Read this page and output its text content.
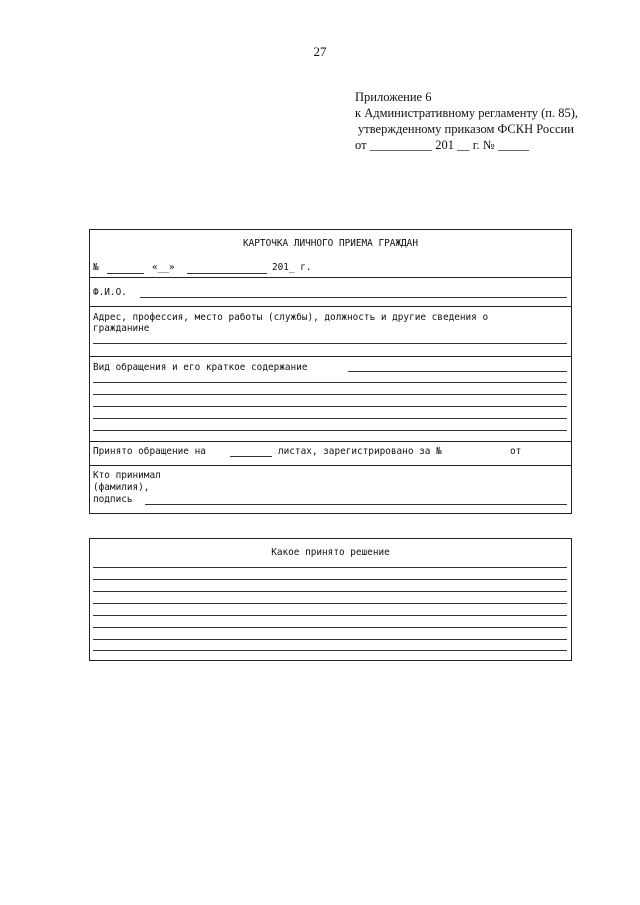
27
Приложение 6
к Административному регламенту (п. 85),
утвержденному приказом ФСКН России
от __________ 201 __ г. № _____
КАРТОЧКА ЛИЧНОГО ПРИЕМА ГРАЖДАН
№	«__»	201_ г.
Ф.И.О.
Адрес, профессия, место работы (службы), должность и другие сведения о
гражданине
Вид обращения и его краткое содержание
Принято обращение на	листах, зарегистрировано за №	от
Кто принимал
(фамилия),
подпись
Какое принято решение
